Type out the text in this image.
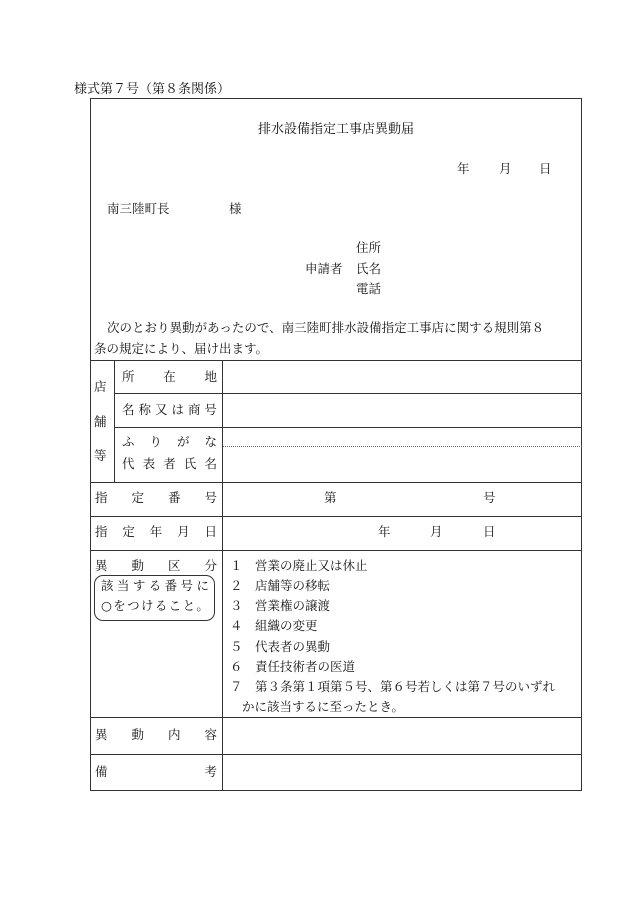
様式第７号（第８条関係）
排水設備指定工事店異動届
年 月 日
南三陸町長	様
住所
申請者 氏名
電話
次のとおり異動があったので、南三陸町排水設備指定工事店に関する規則第８
条の規定により、届け出ます。
店
舗
等
所 在 地
名 称 又 は 商 号
ふ り が な
代 表 者 氏 名
指 定 番 号	第	号
指 定 年 月 日	年	月	日
異 動 区 分
該 当 す る 番 号 に
○ を つ け る こ と 。
１　営業の廃止又は休止
２　店舗等の移転
３　営業権の譲渡
４　組織の変更
５　代表者の異動
６　責任技術者の医道
７　第３条第１項第５号、第６号若しくは第７号のいずれ
かに該当するに至ったとき。
異 動 内 容
備	考
